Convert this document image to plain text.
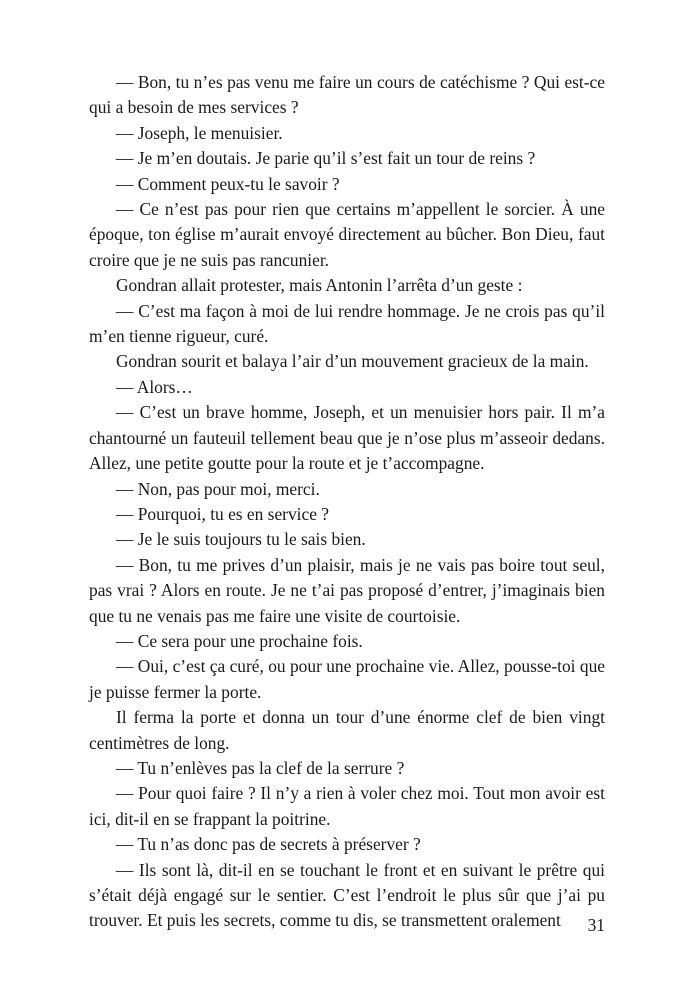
— Bon, tu n’es pas venu me faire un cours de catéchisme ? Qui est-ce qui a besoin de mes services ?

— Joseph, le menuisier.

— Je m’en doutais. Je parie qu’il s’est fait un tour de reins ?

— Comment peux-tu le savoir ?

— Ce n’est pas pour rien que certains m’appellent le sorcier. À une époque, ton église m’aurait envoyé directement au bûcher. Bon Dieu, faut croire que je ne suis pas rancunier.

Gondran allait protester, mais Antonin l’arrêta d’un geste :

— C’est ma façon à moi de lui rendre hommage. Je ne crois pas qu’il m’en tienne rigueur, curé.

Gondran sourit et balaya l’air d’un mouvement gracieux de la main.

— Alors…

— C’est un brave homme, Joseph, et un menuisier hors pair. Il m’a chantourné un fauteuil tellement beau que je n’ose plus m’asseoir dedans. Allez, une petite goutte pour la route et je t’accompagne.

— Non, pas pour moi, merci.

— Pourquoi, tu es en service ?

— Je le suis toujours tu le sais bien.

— Bon, tu me prives d’un plaisir, mais je ne vais pas boire tout seul, pas vrai ? Alors en route. Je ne t’ai pas proposé d’entrer, j’imaginais bien que tu ne venais pas me faire une visite de courtoisie.

— Ce sera pour une prochaine fois.

— Oui, c’est ça curé, ou pour une prochaine vie. Allez, pousse-toi que je puisse fermer la porte.

Il ferma la porte et donna un tour d’une énorme clef de bien vingt centimètres de long.

— Tu n’enlèves pas la clef de la serrure ?

— Pour quoi faire ? Il n’y a rien à voler chez moi. Tout mon avoir est ici, dit-il en se frappant la poitrine.

— Tu n’as donc pas de secrets à préserver ?

— Ils sont là, dit-il en se touchant le front et en suivant le prêtre qui s’était déjà engagé sur le sentier. C’est l’endroit le plus sûr que j’ai pu trouver. Et puis les secrets, comme tu dis, se transmettent oralement	31
